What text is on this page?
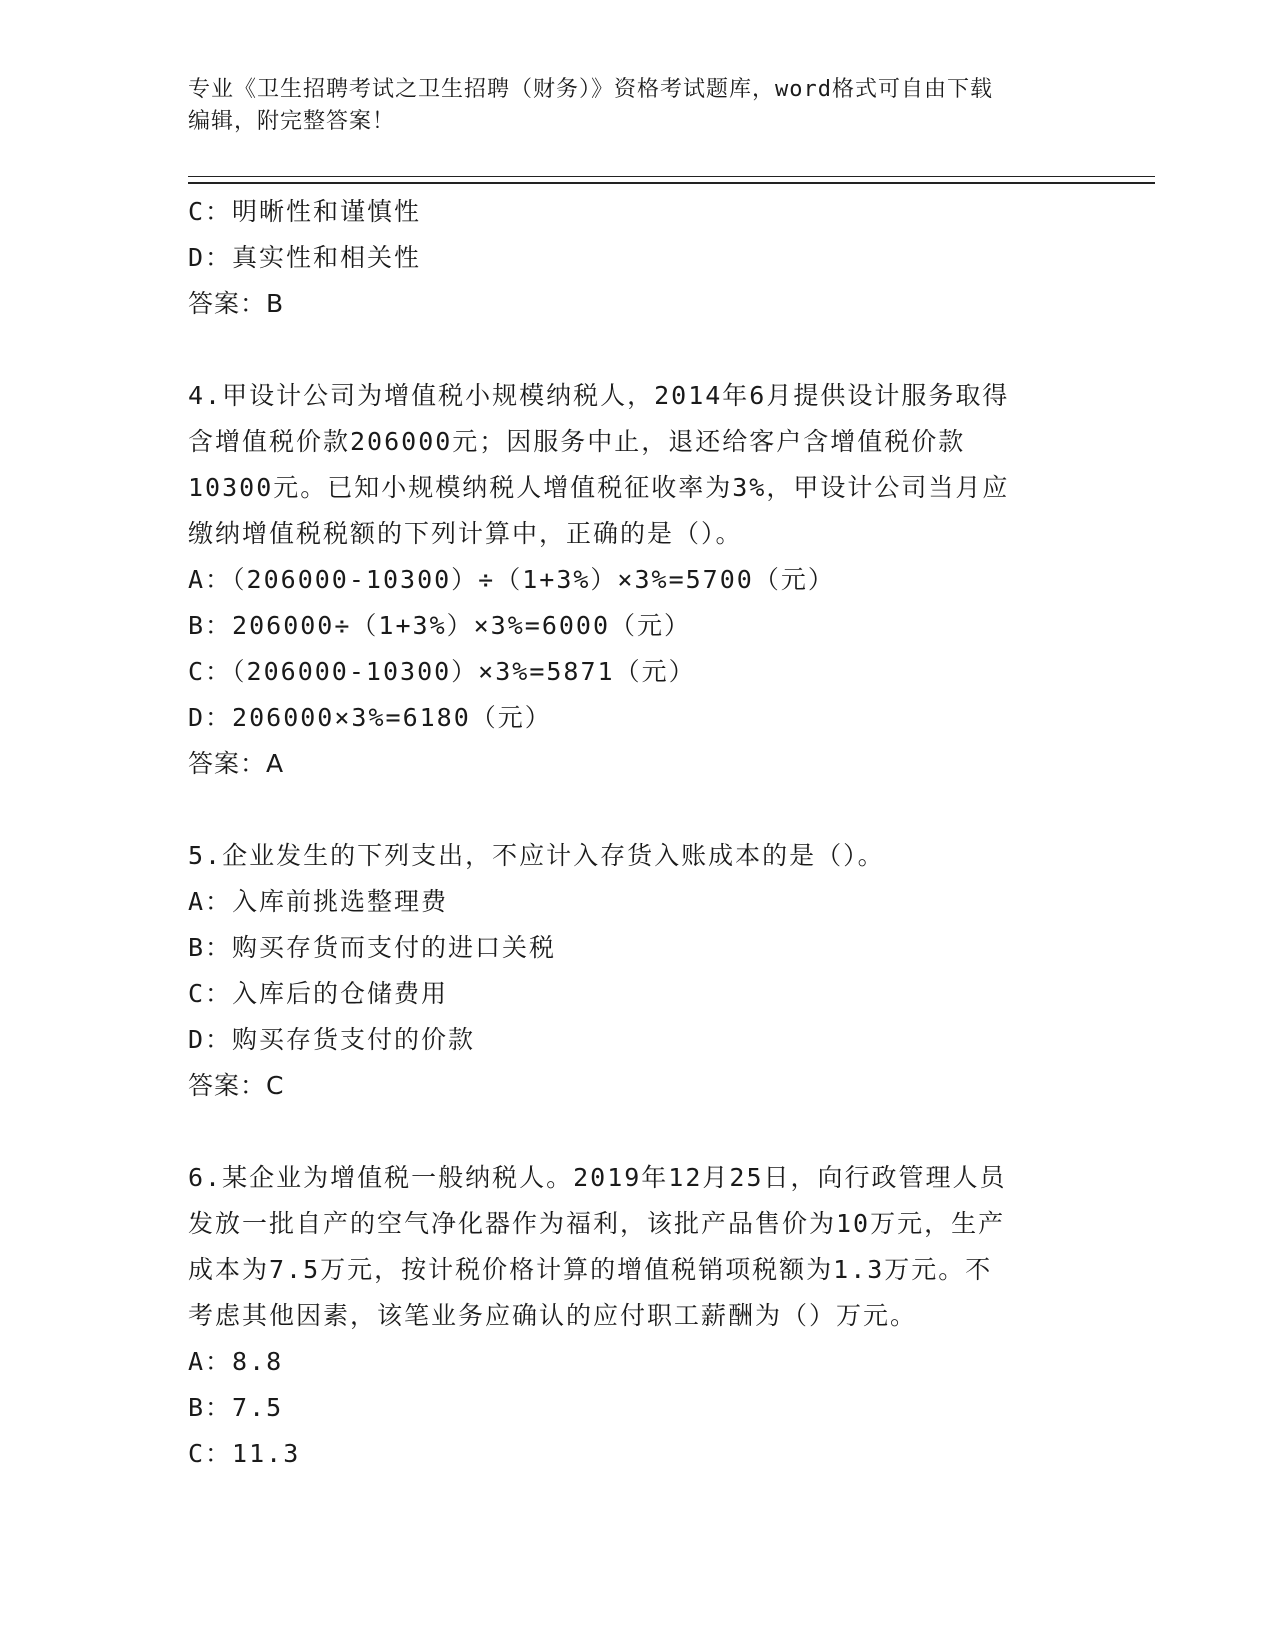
专业《卫生招聘考试之卫生招聘（财务）》资格考试题库，word格式可自由下载
编辑，附完整答案！
C：明晰性和谨慎性
D：真实性和相关性
答案：B
4.甲设计公司为增值税小规模纳税人，2014年6月提供设计服务取得
含增值税价款206000元；因服务中止，退还给客户含增值税价款
10300元。已知小规模纳税人增值税征收率为3%，甲设计公司当月应
缴纳增值税税额的下列计算中，正确的是（）。
A：（206000-10300）÷（1+3%）×3%=5700（元）
B：206000÷（1+3%）×3%=6000（元）
C：（206000-10300）×3%=5871（元）
D：206000×3%=6180（元）
答案：A
5.企业发生的下列支出，不应计入存货入账成本的是（）。
A：入库前挑选整理费
B：购买存货而支付的进口关税
C：入库后的仓储费用
D：购买存货支付的价款
答案：C
6.某企业为增值税一般纳税人。2019年12月25日，向行政管理人员
发放一批自产的空气净化器作为福利，该批产品售价为10万元，生产
成本为7.5万元，按计税价格计算的增值税销项税额为1.3万元。不
考虑其他因素，该笔业务应确认的应付职工薪酬为（）万元。
A：8.8
B：7.5
C：11.3
